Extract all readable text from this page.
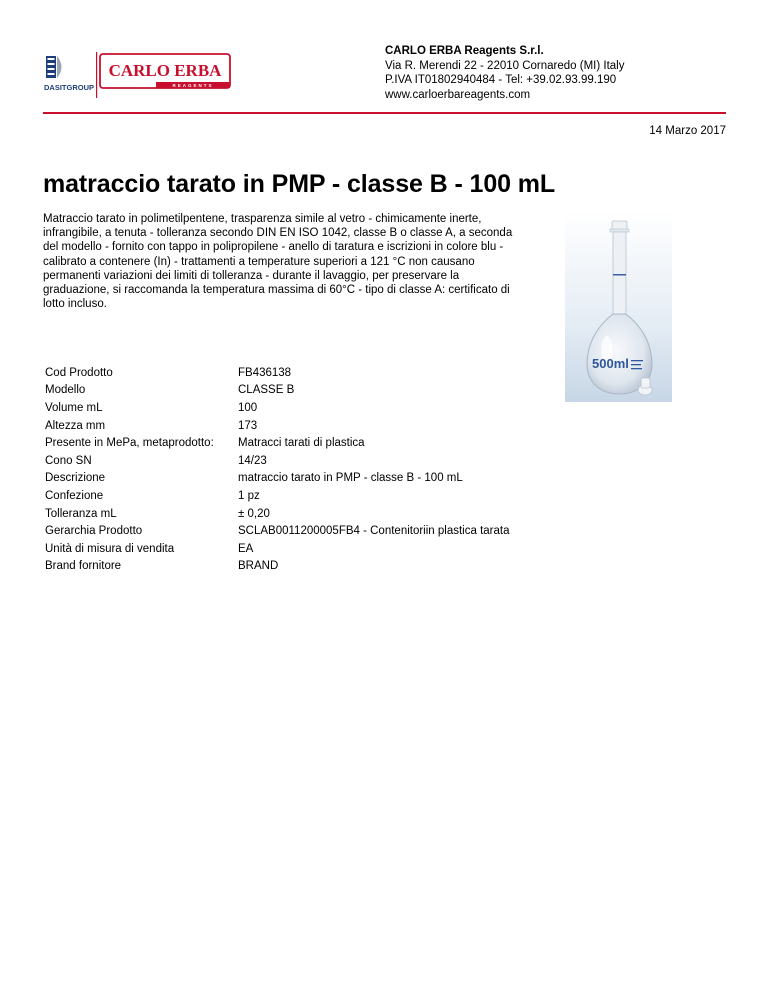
DASITGROUP
CARLO ERBA
REAGENTS
CARLO ERBA Reagents S.r.l.
Via R. Merendi 22 - 22010 Cornaredo (MI) Italy
P.IVA IT01802940484 - Tel: +39.02.93.99.190
www.carloerbareagents.com
14 Marzo 2017
matraccio tarato in PMP - classe B - 100 mL
Matraccio tarato in polimetilpentene, trasparenza simile al vetro - chimicamente inerte, infrangibile, a tenuta - tolleranza secondo DIN EN ISO 1042, classe B o classe A, a seconda del modello - fornito con tappo in polipropilene - anello di taratura e iscrizioni in colore blu - calibrato a contenere (In) - trattamenti a temperature superiori a 121 °C non causano permanenti variazioni dei limiti di tolleranza - durante il lavaggio, per preservare la graduazione, si raccomanda la temperatura massima di 60°C - tipo di classe A: certificato di lotto incluso.
500ml
Cod Prodotto	FB436138
Modello	CLASSE B
Volume mL	100
Altezza mm	173
Presente in MePa, metaprodotto:	Matracci tarati di plastica
Cono SN	14/23
Descrizione	matraccio tarato in PMP - classe B - 100 mL
Confezione	1 pz
Tolleranza mL	± 0,20
Gerarchia Prodotto	SCLAB0011200005FB4 - Contenitoriin plastica tarata
Unità di misura di vendita	EA
Brand fornitore	BRAND
